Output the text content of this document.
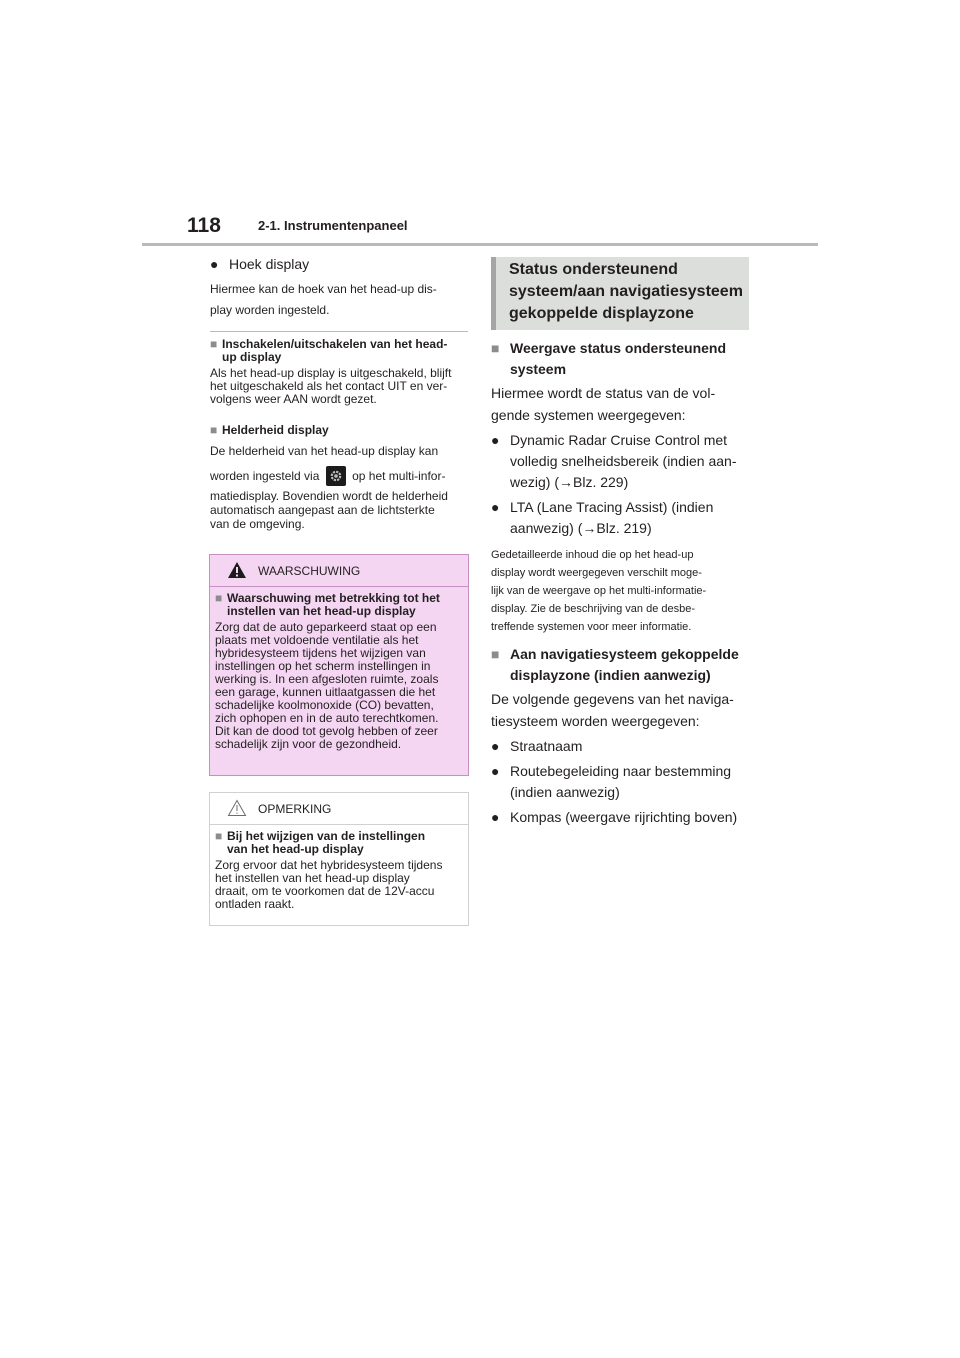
118	2-1. Instrumentenpaneel
● Hoek display
Hiermee kan de hoek van het head-up dis-
play worden ingesteld.
■ Inschakelen/uitschakelen van het head-
up display
Als het head-up display is uitgeschakeld, blijft
het uitgeschakeld als het contact UIT en ver-
volgens weer AAN wordt gezet.
■ Helderheid display
De helderheid van het head-up display kan
worden ingesteld via	op het multi-infor-
matiedisplay. Bovendien wordt de helderheid
automatisch aangepast aan de lichtsterkte
van de omgeving.
WAARSCHUWING
■ Waarschuwing met betrekking tot het
instellen van het head-up display
Zorg dat de auto geparkeerd staat op een
plaats met voldoende ventilatie als het
hybridesysteem tijdens het wijzigen van
instellingen op het scherm instellingen in
werking is. In een afgesloten ruimte, zoals
een garage, kunnen uitlaatgassen die het
schadelijke koolmonoxide (CO) bevatten,
zich ophopen en in de auto terechtkomen.
Dit kan de dood tot gevolg hebben of zeer
schadelijk zijn voor de gezondheid.
OPMERKING
■ Bij het wijzigen van de instellingen
van het head-up display
Zorg ervoor dat het hybridesysteem tijdens
het instellen van het head-up display
draait, om te voorkomen dat de 12V-accu
ontladen raakt.
Status ondersteunend
systeem/aan navigatiesysteem
gekoppelde displayzone
■ Weergave status ondersteunend
systeem
Hiermee wordt de status van de vol-
gende systemen weergegeven:
● Dynamic Radar Cruise Control met
volledig snelheidsbereik (indien aan-
wezig) (→Blz. 229)
● LTA (Lane Tracing Assist) (indien
aanwezig) (→Blz. 219)
Gedetailleerde inhoud die op het head-up
display wordt weergegeven verschilt moge-
lijk van de weergave op het multi-informatie-
display. Zie de beschrijving van de desbe-
treffende systemen voor meer informatie.
■ Aan navigatiesysteem gekoppelde
displayzone (indien aanwezig)
De volgende gegevens van het naviga-
tiesysteem worden weergegeven:
● Straatnaam
● Routebegeleiding naar bestemming
(indien aanwezig)
● Kompas (weergave rijrichting boven)
